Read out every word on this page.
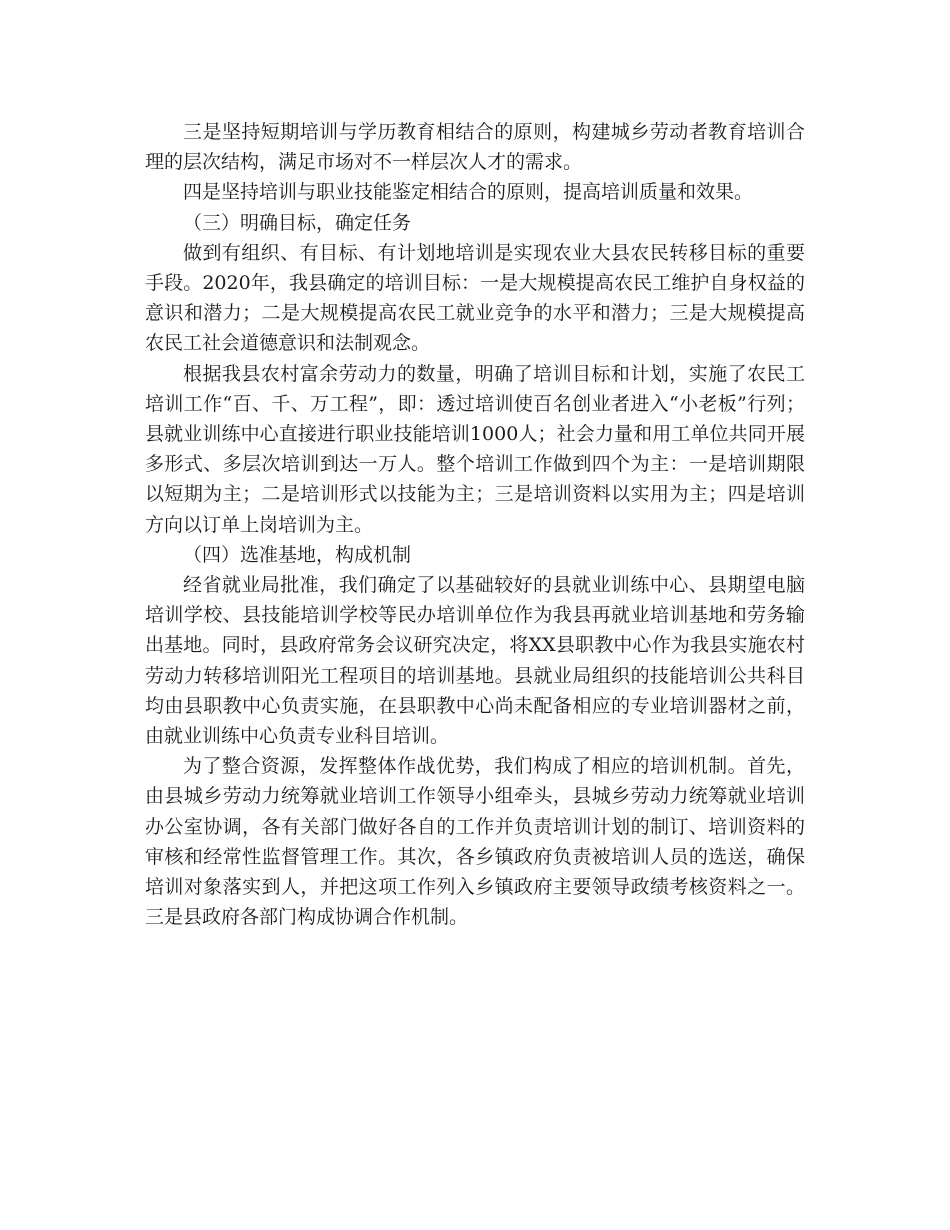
三是坚持短期培训与学历教育相结合的原则，构建城乡劳动者教育培训合理的层次结构，满足市场对不一样层次人才的需求。

四是坚持培训与职业技能鉴定相结合的原则，提高培训质量和效果。

（三）明确目标，确定任务

做到有组织、有目标、有计划地培训是实现农业大县农民转移目标的重要手段。2020年，我县确定的培训目标：一是大规模提高农民工维护自身权益的意识和潜力；二是大规模提高农民工就业竞争的水平和潜力；三是大规模提高农民工社会道德意识和法制观念。

根据我县农村富余劳动力的数量，明确了培训目标和计划，实施了农民工培训工作“百、千、万工程”，即：透过培训使百名创业者进入“小老板”行列；县就业训练中心直接进行职业技能培训1000人；社会力量和用工单位共同开展多形式、多层次培训到达一万人。整个培训工作做到四个为主：一是培训期限以短期为主；二是培训形式以技能为主；三是培训资料以实用为主；四是培训方向以订单上岗培训为主。

（四）选准基地，构成机制

经省就业局批准，我们确定了以基础较好的县就业训练中心、县期望电脑培训学校、县技能培训学校等民办培训单位作为我县再就业培训基地和劳务输出基地。同时，县政府常务会议研究决定，将XX县职教中心作为我县实施农村劳动力转移培训阳光工程项目的培训基地。县就业局组织的技能培训公共科目均由县职教中心负责实施，在县职教中心尚未配备相应的专业培训器材之前，由就业训练中心负责专业科目培训。

为了整合资源，发挥整体作战优势，我们构成了相应的培训机制。首先，由县城乡劳动力统筹就业培训工作领导小组牵头，县城乡劳动力统筹就业培训办公室协调，各有关部门做好各自的工作并负责培训计划的制订、培训资料的审核和经常性监督管理工作。其次，各乡镇政府负责被培训人员的选送，确保培训对象落实到人，并把这项工作列入乡镇政府主要领导政绩考核资料之一。三是县政府各部门构成协调合作机制。
